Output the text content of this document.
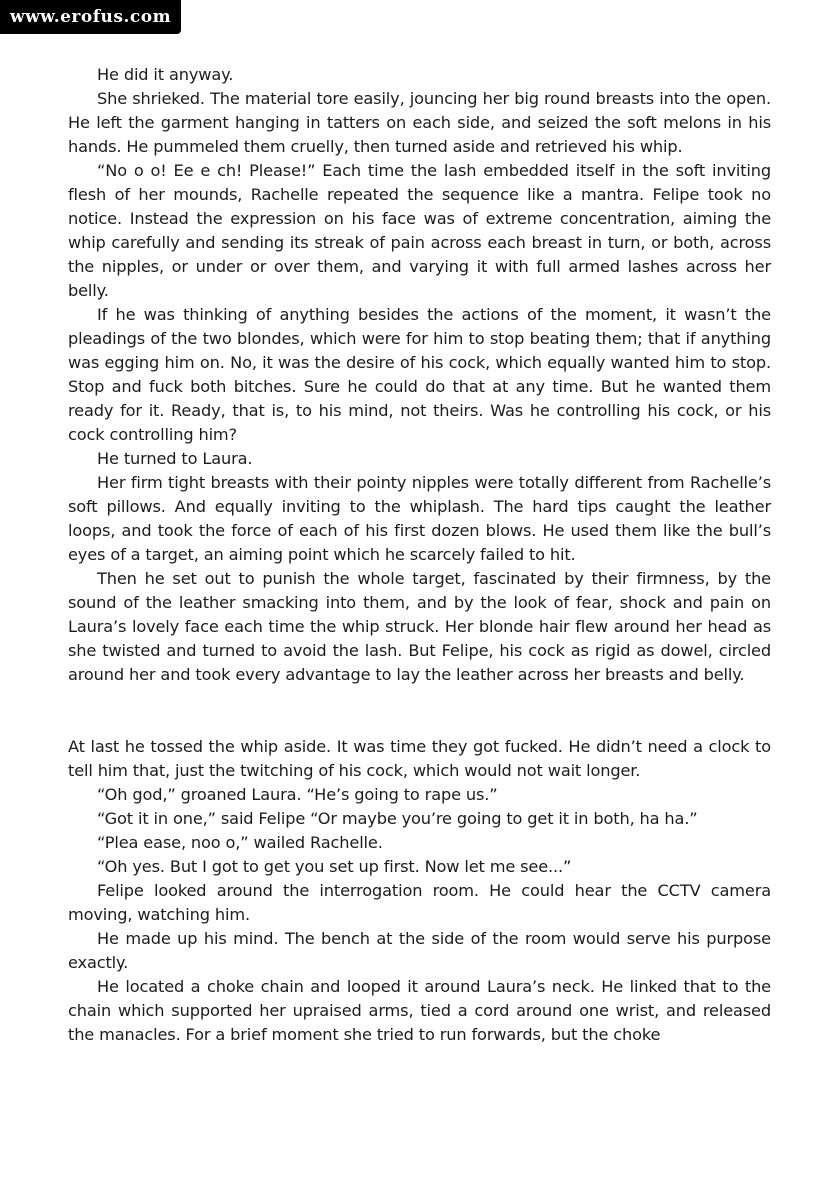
www.erofus.com

He did it anyway.

She shrieked. The material tore easily, jouncing her big round breasts into the open. He left the garment hanging in tatters on each side, and seized the soft melons in his hands. He pummeled them cruelly, then turned aside and retrieved his whip.

“No o o! Ee e ch! Please!” Each time the lash embedded itself in the soft inviting flesh of her mounds, Rachelle repeated the sequence like a mantra. Felipe took no notice. Instead the expression on his face was of extreme concentration, aiming the whip carefully and sending its streak of pain across each breast in turn, or both, across the nipples, or under or over them, and varying it with full armed lashes across her belly.

If he was thinking of anything besides the actions of the moment, it wasn’t the pleadings of the two blondes, which were for him to stop beating them; that if anything was egging him on. No, it was the desire of his cock, which equally wanted him to stop. Stop and fuck both bitches. Sure he could do that at any time. But he wanted them ready for it. Ready, that is, to his mind, not theirs. Was he controlling his cock, or his cock controlling him?

He turned to Laura.

Her firm tight breasts with their pointy nipples were totally different from Rachelle’s soft pillows. And equally inviting to the whiplash. The hard tips caught the leather loops, and took the force of each of his first dozen blows. He used them like the bull’s eyes of a target, an aiming point which he scarcely failed to hit.

Then he set out to punish the whole target, fascinated by their firmness, by the sound of the leather smacking into them, and by the look of fear, shock and pain on Laura’s lovely face each time the whip struck. Her blonde hair flew around her head as she twisted and turned to avoid the lash. But Felipe, his cock as rigid as dowel, circled around her and took every advantage to lay the leather across her breasts and belly.

At last he tossed the whip aside. It was time they got fucked. He didn’t need a clock to tell him that, just the twitching of his cock, which would not wait longer.

“Oh god,” groaned Laura. “He’s going to rape us.”

“Got it in one,” said Felipe “Or maybe you’re going to get it in both, ha ha.”

“Plea ease, noo o,” wailed Rachelle.

“Oh yes. But I got to get you set up first. Now let me see...”

Felipe looked around the interrogation room. He could hear the CCTV camera moving, watching him.

He made up his mind. The bench at the side of the room would serve his purpose exactly.

He located a choke chain and looped it around Laura’s neck. He linked that to the chain which supported her upraised arms, tied a cord around one wrist, and released the manacles. For a brief moment she tried to run forwards, but the choke
